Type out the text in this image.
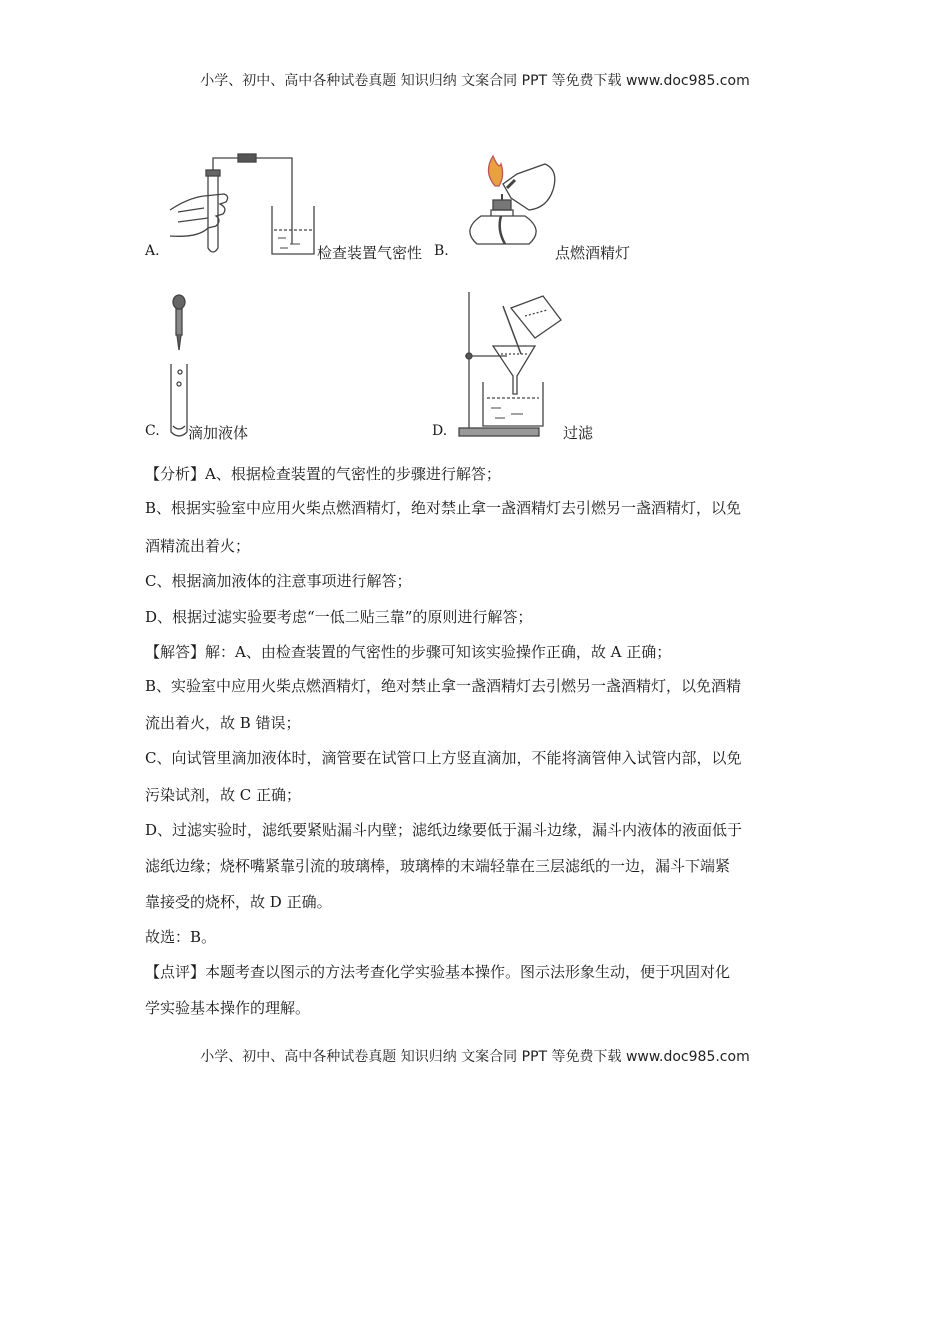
小学、初中、高中各种试卷真题 知识归纳 文案合同 PPT 等免费下载 www.doc985.com
A.	检查装置气密性 B.	点燃酒精灯
C. 滴加液体	D.	过滤
【分析】A、根据检查装置的气密性的步骤进行解答；
B、根据实验室中应用火柴点燃酒精灯，绝对禁止拿一盏酒精灯去引燃另一盏酒精灯，以免
酒精流出着火；
C、根据滴加液体的注意事项进行解答；
D、根据过滤实验要考虑“一低二贴三靠”的原则进行解答；
【解答】解：A、由检查装置的气密性的步骤可知该实验操作正确，故 A 正确；
B、实验室中应用火柴点燃酒精灯，绝对禁止拿一盏酒精灯去引燃另一盏酒精灯，以免酒精
流出着火，故 B 错误；
C、向试管里滴加液体时，滴管要在试管口上方竖直滴加，不能将滴管伸入试管内部，以免
污染试剂，故 C 正确；
D、过滤实验时，滤纸要紧贴漏斗内壁；滤纸边缘要低于漏斗边缘，漏斗内液体的液面低于
滤纸边缘；烧杯嘴紧靠引流的玻璃棒，玻璃棒的末端轻靠在三层滤纸的一边，漏斗下端紧
靠接受的烧杯，故 D 正确。
故选：B。
【点评】本题考查以图示的方法考查化学实验基本操作。图示法形象生动，便于巩固对化
学实验基本操作的理解。
小学、初中、高中各种试卷真题 知识归纳 文案合同 PPT 等免费下载 www.doc985.com
